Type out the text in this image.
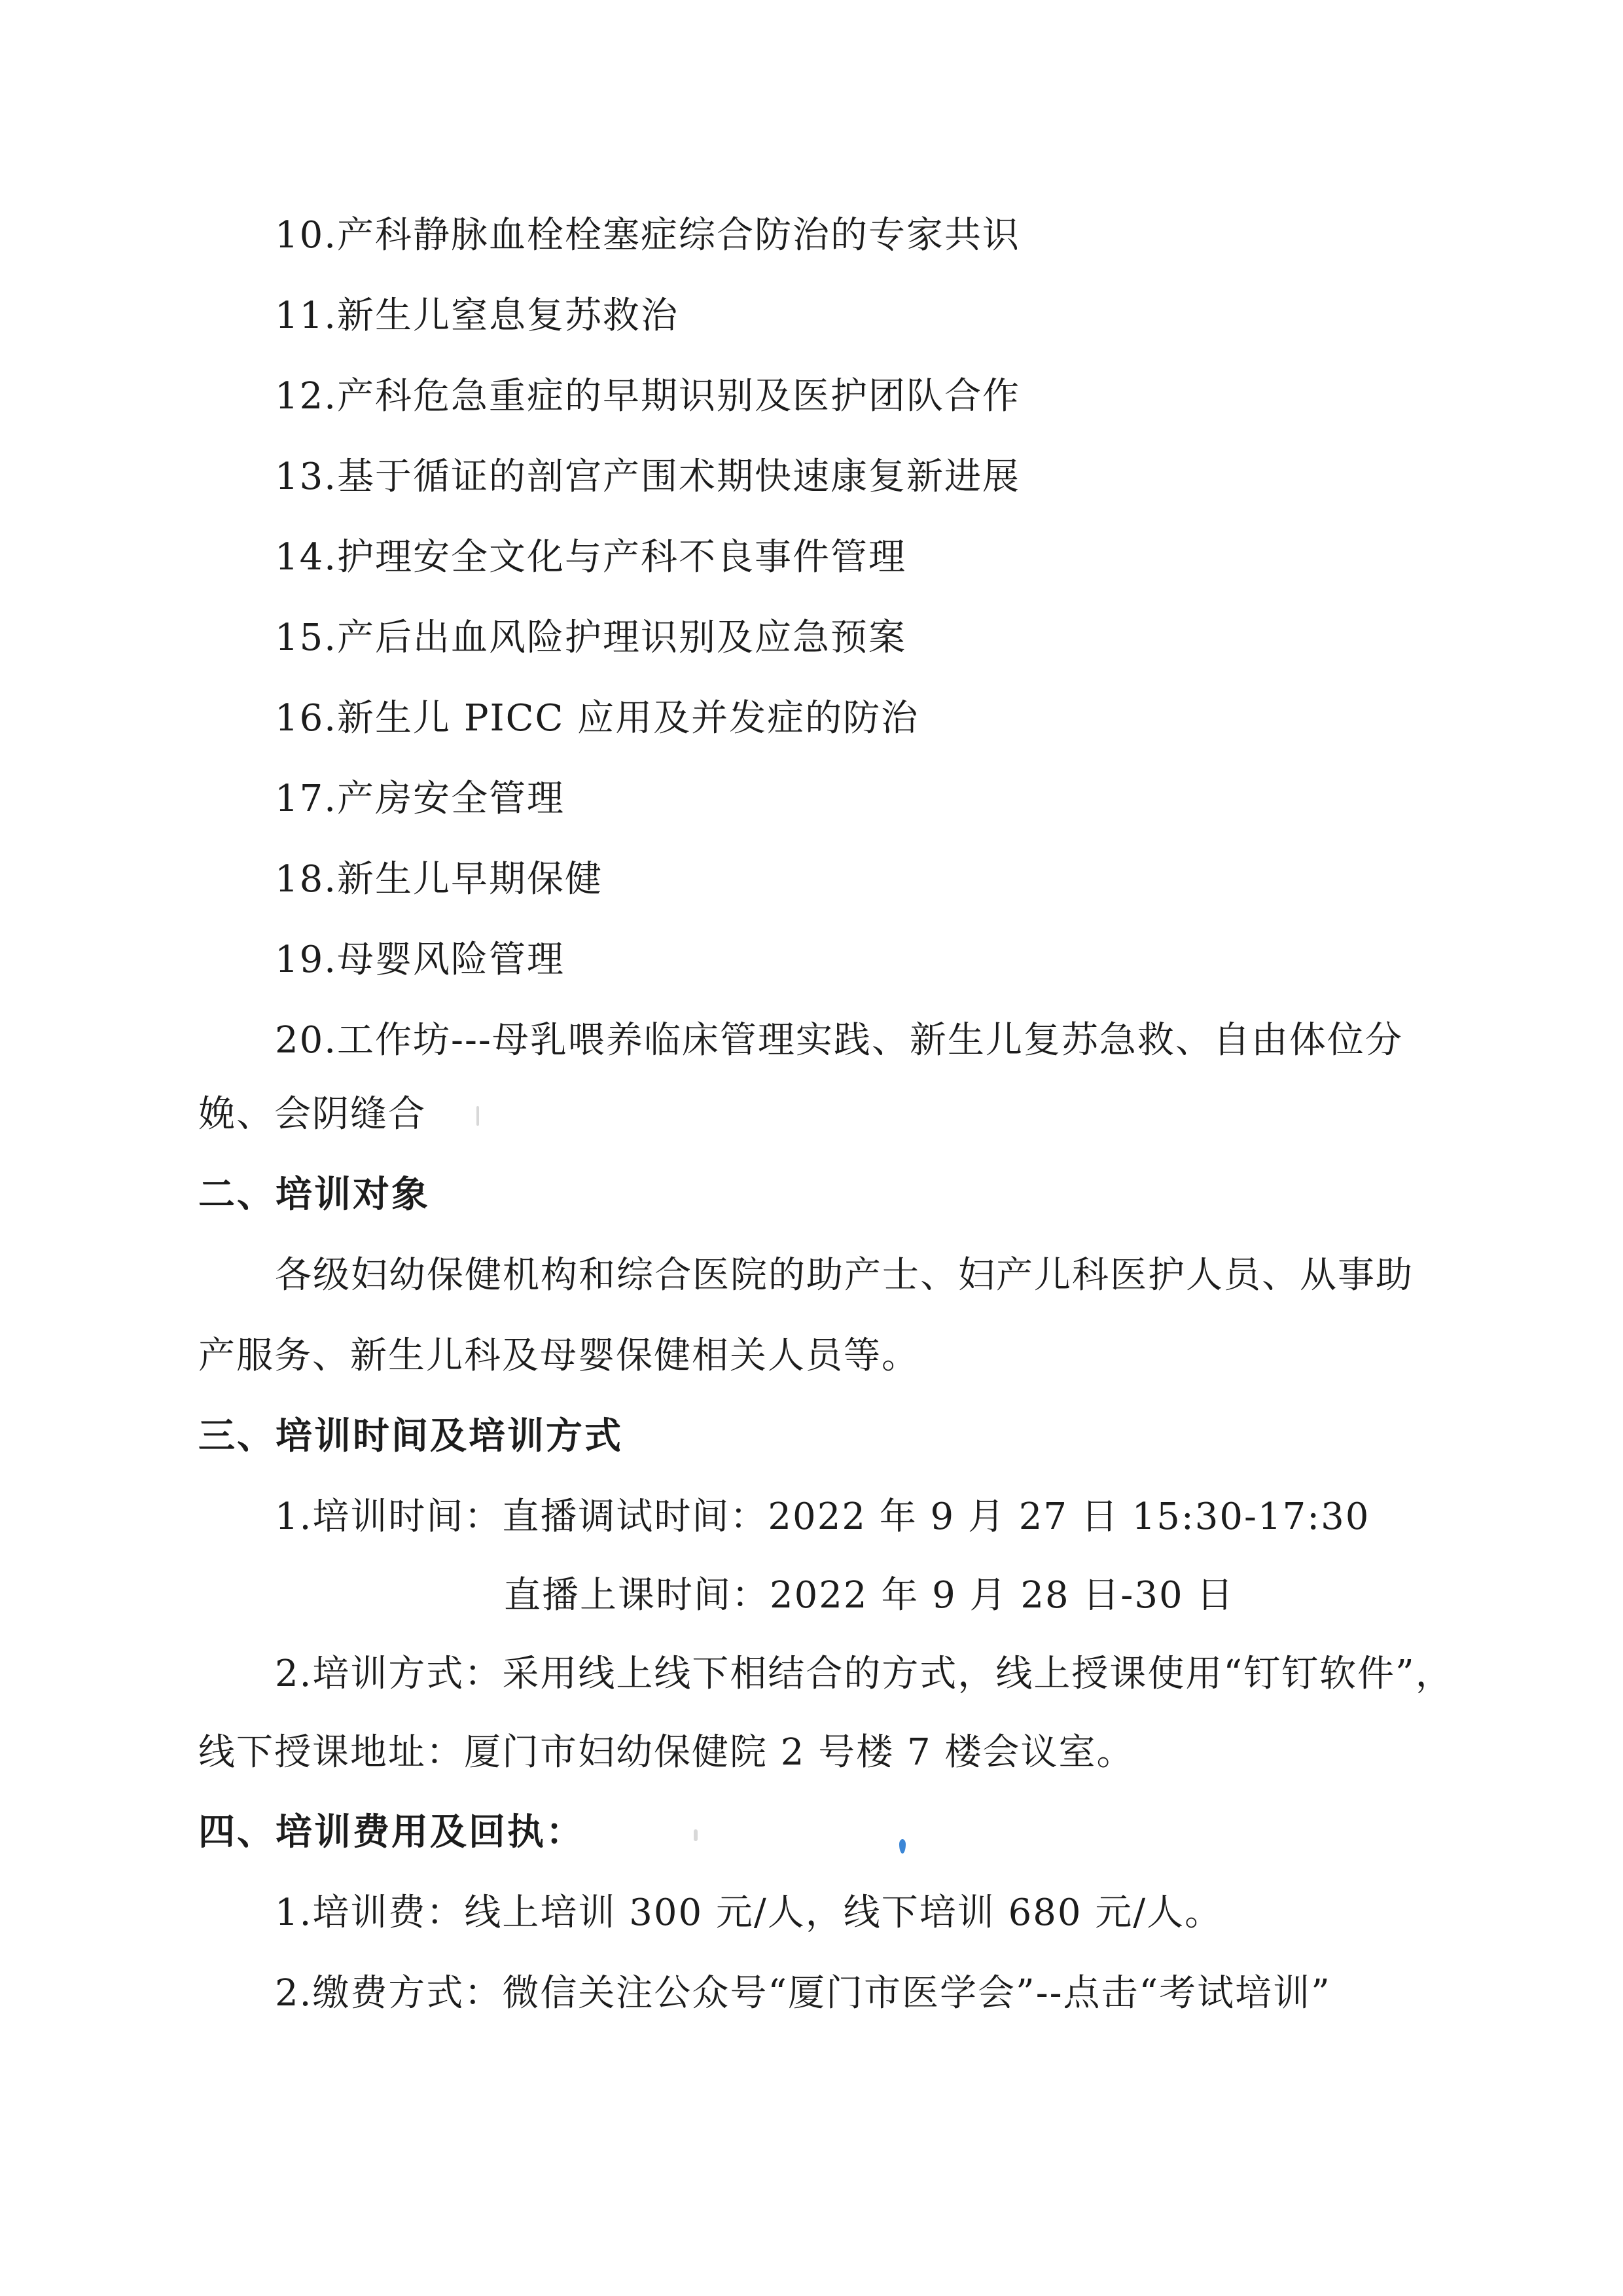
10.产科静脉血栓栓塞症综合防治的专家共识
11.新生儿窒息复苏救治
12.产科危急重症的早期识别及医护团队合作
13.基于循证的剖宫产围术期快速康复新进展
14.护理安全文化与产科不良事件管理
15.产后出血风险护理识别及应急预案
16.新生儿 PICC 应用及并发症的防治
17.产房安全管理
18.新生儿早期保健
19.母婴风险管理
20.工作坊---母乳喂养临床管理实践、新生儿复苏急救、自由体位分
娩、会阴缝合
二、培训对象
各级妇幼保健机构和综合医院的助产士、妇产儿科医护人员、从事助
产服务、新生儿科及母婴保健相关人员等。
三、培训时间及培训方式
1.培训时间：直播调试时间：2022 年 9 月 27 日 15:30-17:30
直播上课时间：2022 年 9 月 28 日-30 日
2.培训方式：采用线上线下相结合的方式，线上授课使用“钉钉软件”，
线下授课地址：厦门市妇幼保健院 2 号楼 7 楼会议室。
四、培训费用及回执：
1.培训费：线上培训 300 元/人，线下培训 680 元/人。
2.缴费方式：微信关注公众号“厦门市医学会”--点击“考试培训”
